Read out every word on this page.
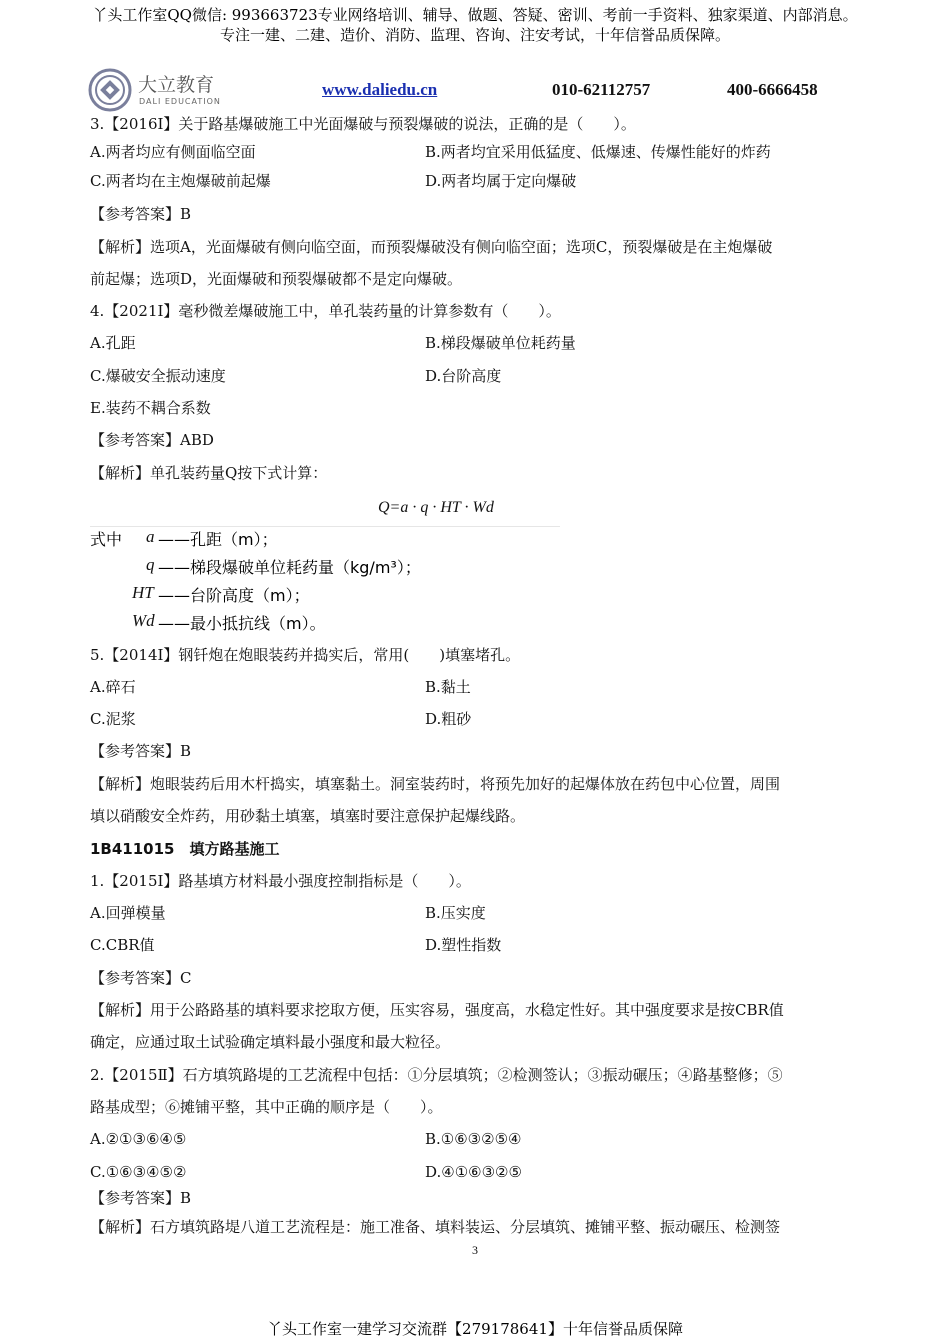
丫头工作室QQ微信: 993663723专业网络培训、辅导、做题、答疑、密训、考前一手资料、独家渠道、内部消息。
专注一建、二建、造价、消防、监理、咨询、注安考试，十年信誉品质保障。
大立教育
DALI EDUCATION
www.daliedu.cn	010-62112757	400-6666458
3.【2016Ⅰ】关于路基爆破施工中光面爆破与预裂爆破的说法，正确的是（　　）。
A.两者均应有侧面临空面	B.两者均宜采用低猛度、低爆速、传爆性能好的炸药
C.两者均在主炮爆破前起爆	D.两者均属于定向爆破
【参考答案】B
【解析】选项A，光面爆破有侧向临空面，而预裂爆破没有侧向临空面；选项C，预裂爆破是在主炮爆破
前起爆；选项D，光面爆破和预裂爆破都不是定向爆破。
4.【2021Ⅰ】毫秒微差爆破施工中，单孔装药量的计算参数有（　　）。
A.孔距	B.梯段爆破单位耗药量
C.爆破安全振动速度	D.台阶高度
E.装药不耦合系数
【参考答案】ABD
【解析】单孔装药量Q按下式计算：
Q=a · q · HT · Wd
式中 a ——孔距（m）；
q ——梯段爆破单位耗药量（kg/m³）；
HT ——台阶高度（m）；
Wd ——最小抵抗线（m）。
5.【2014Ⅰ】钢钎炮在炮眼装药并捣实后，常用(　　)填塞堵孔。
A.碎石	B.黏土
C.泥浆	D.粗砂
【参考答案】B
【解析】炮眼装药后用木杆捣实，填塞黏土。洞室装药时，将预先加好的起爆体放在药包中心位置，周围
填以硝酸安全炸药，用砂黏土填塞，填塞时要注意保护起爆线路。
1B411015　填方路基施工
1.【2015Ⅰ】路基填方材料最小强度控制指标是（　　）。
A.回弹模量	B.压实度
C.CBR值	D.塑性指数
【参考答案】C
【解析】用于公路路基的填料要求挖取方便，压实容易，强度高，水稳定性好。其中强度要求是按CBR值
确定，应通过取土试验确定填料最小强度和最大粒径。
2.【2015Ⅱ】石方填筑路堤的工艺流程中包括：①分层填筑；②检测签认；③振动碾压；④路基整修；⑤
路基成型；⑥摊铺平整，其中正确的顺序是（　　）。
A.②①③⑥④⑤	B.①⑥③②⑤④
C.①⑥③④⑤②	D.④①⑥③②⑤
【参考答案】B
【解析】石方填筑路堤八道工艺流程是：施工准备、填料装运、分层填筑、摊铺平整、振动碾压、检测签
3
丫头工作室一建学习交流群【279178641】十年信誉品质保障
